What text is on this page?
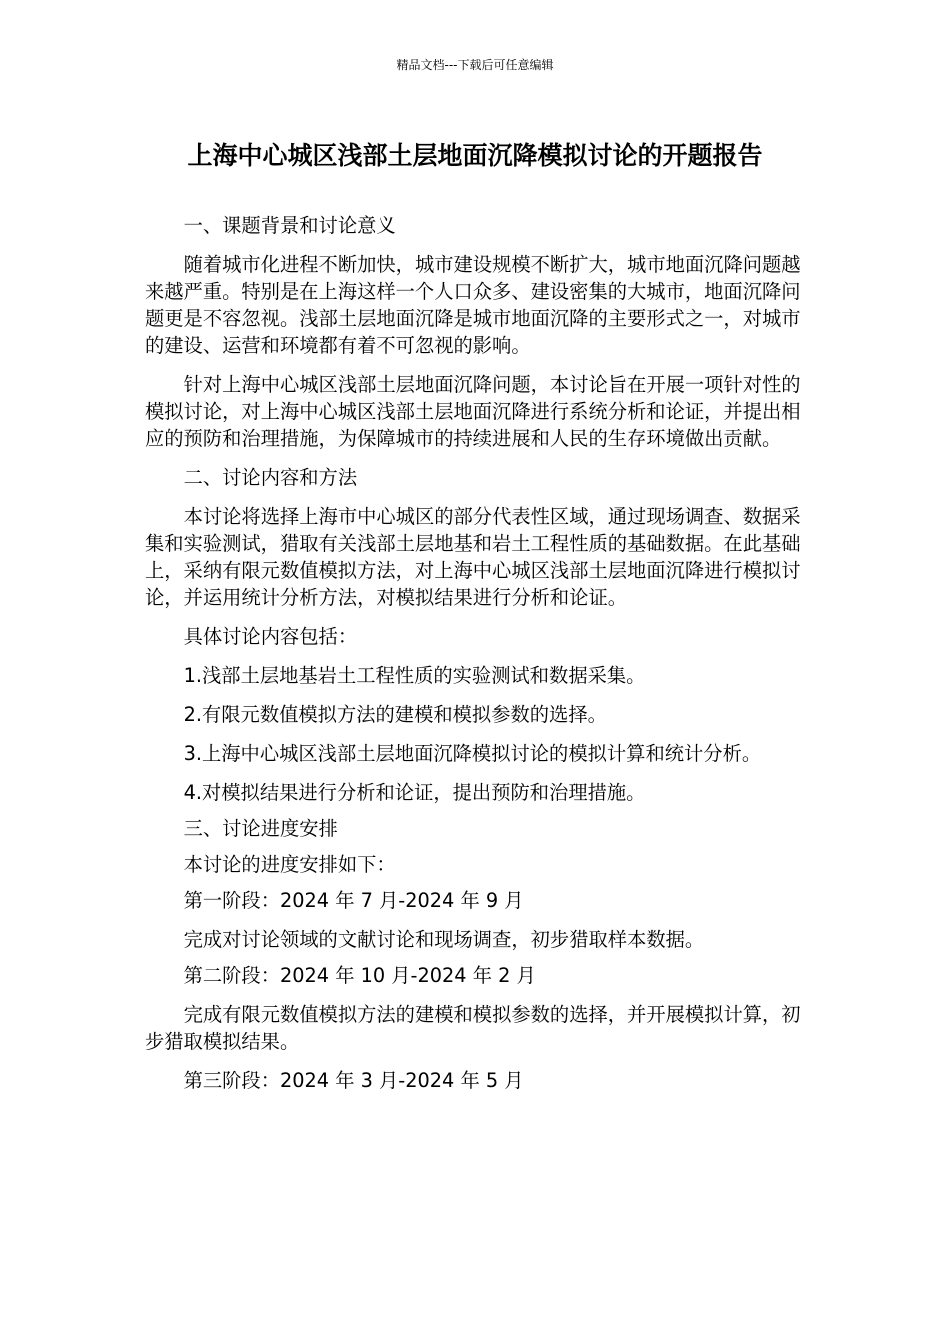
精品文档---下载后可任意编辑
上海中心城区浅部土层地面沉降模拟讨论的开题报告

一、课题背景和讨论意义

随着城市化进程不断加快，城市建设规模不断扩大，城市地面沉降问题越来越严重。特别是在上海这样一个人口众多、建设密集的大城市，地面沉降问题更是不容忽视。浅部土层地面沉降是城市地面沉降的主要形式之一，对城市的建设、运营和环境都有着不可忽视的影响。

针对上海中心城区浅部土层地面沉降问题，本讨论旨在开展一项针对性的模拟讨论，对上海中心城区浅部土层地面沉降进行系统分析和论证，并提出相应的预防和治理措施，为保障城市的持续进展和人民的生存环境做出贡献。

二、讨论内容和方法

本讨论将选择上海市中心城区的部分代表性区域，通过现场调查、数据采集和实验测试，猎取有关浅部土层地基和岩土工程性质的基础数据。在此基础上，采纳有限元数值模拟方法，对上海中心城区浅部土层地面沉降进行模拟讨论，并运用统计分析方法，对模拟结果进行分析和论证。

具体讨论内容包括：

1.浅部土层地基岩土工程性质的实验测试和数据采集。

2.有限元数值模拟方法的建模和模拟参数的选择。

3.上海中心城区浅部土层地面沉降模拟讨论的模拟计算和统计分析。

4.对模拟结果进行分析和论证，提出预防和治理措施。

三、讨论进度安排

本讨论的进度安排如下：

第一阶段：2024 年 7 月-2024 年 9 月

完成对讨论领域的文献讨论和现场调查，初步猎取样本数据。

第二阶段：2024 年 10 月-2024 年 2 月

完成有限元数值模拟方法的建模和模拟参数的选择，并开展模拟计算，初步猎取模拟结果。

第三阶段：2024 年 3 月-2024 年 5 月
